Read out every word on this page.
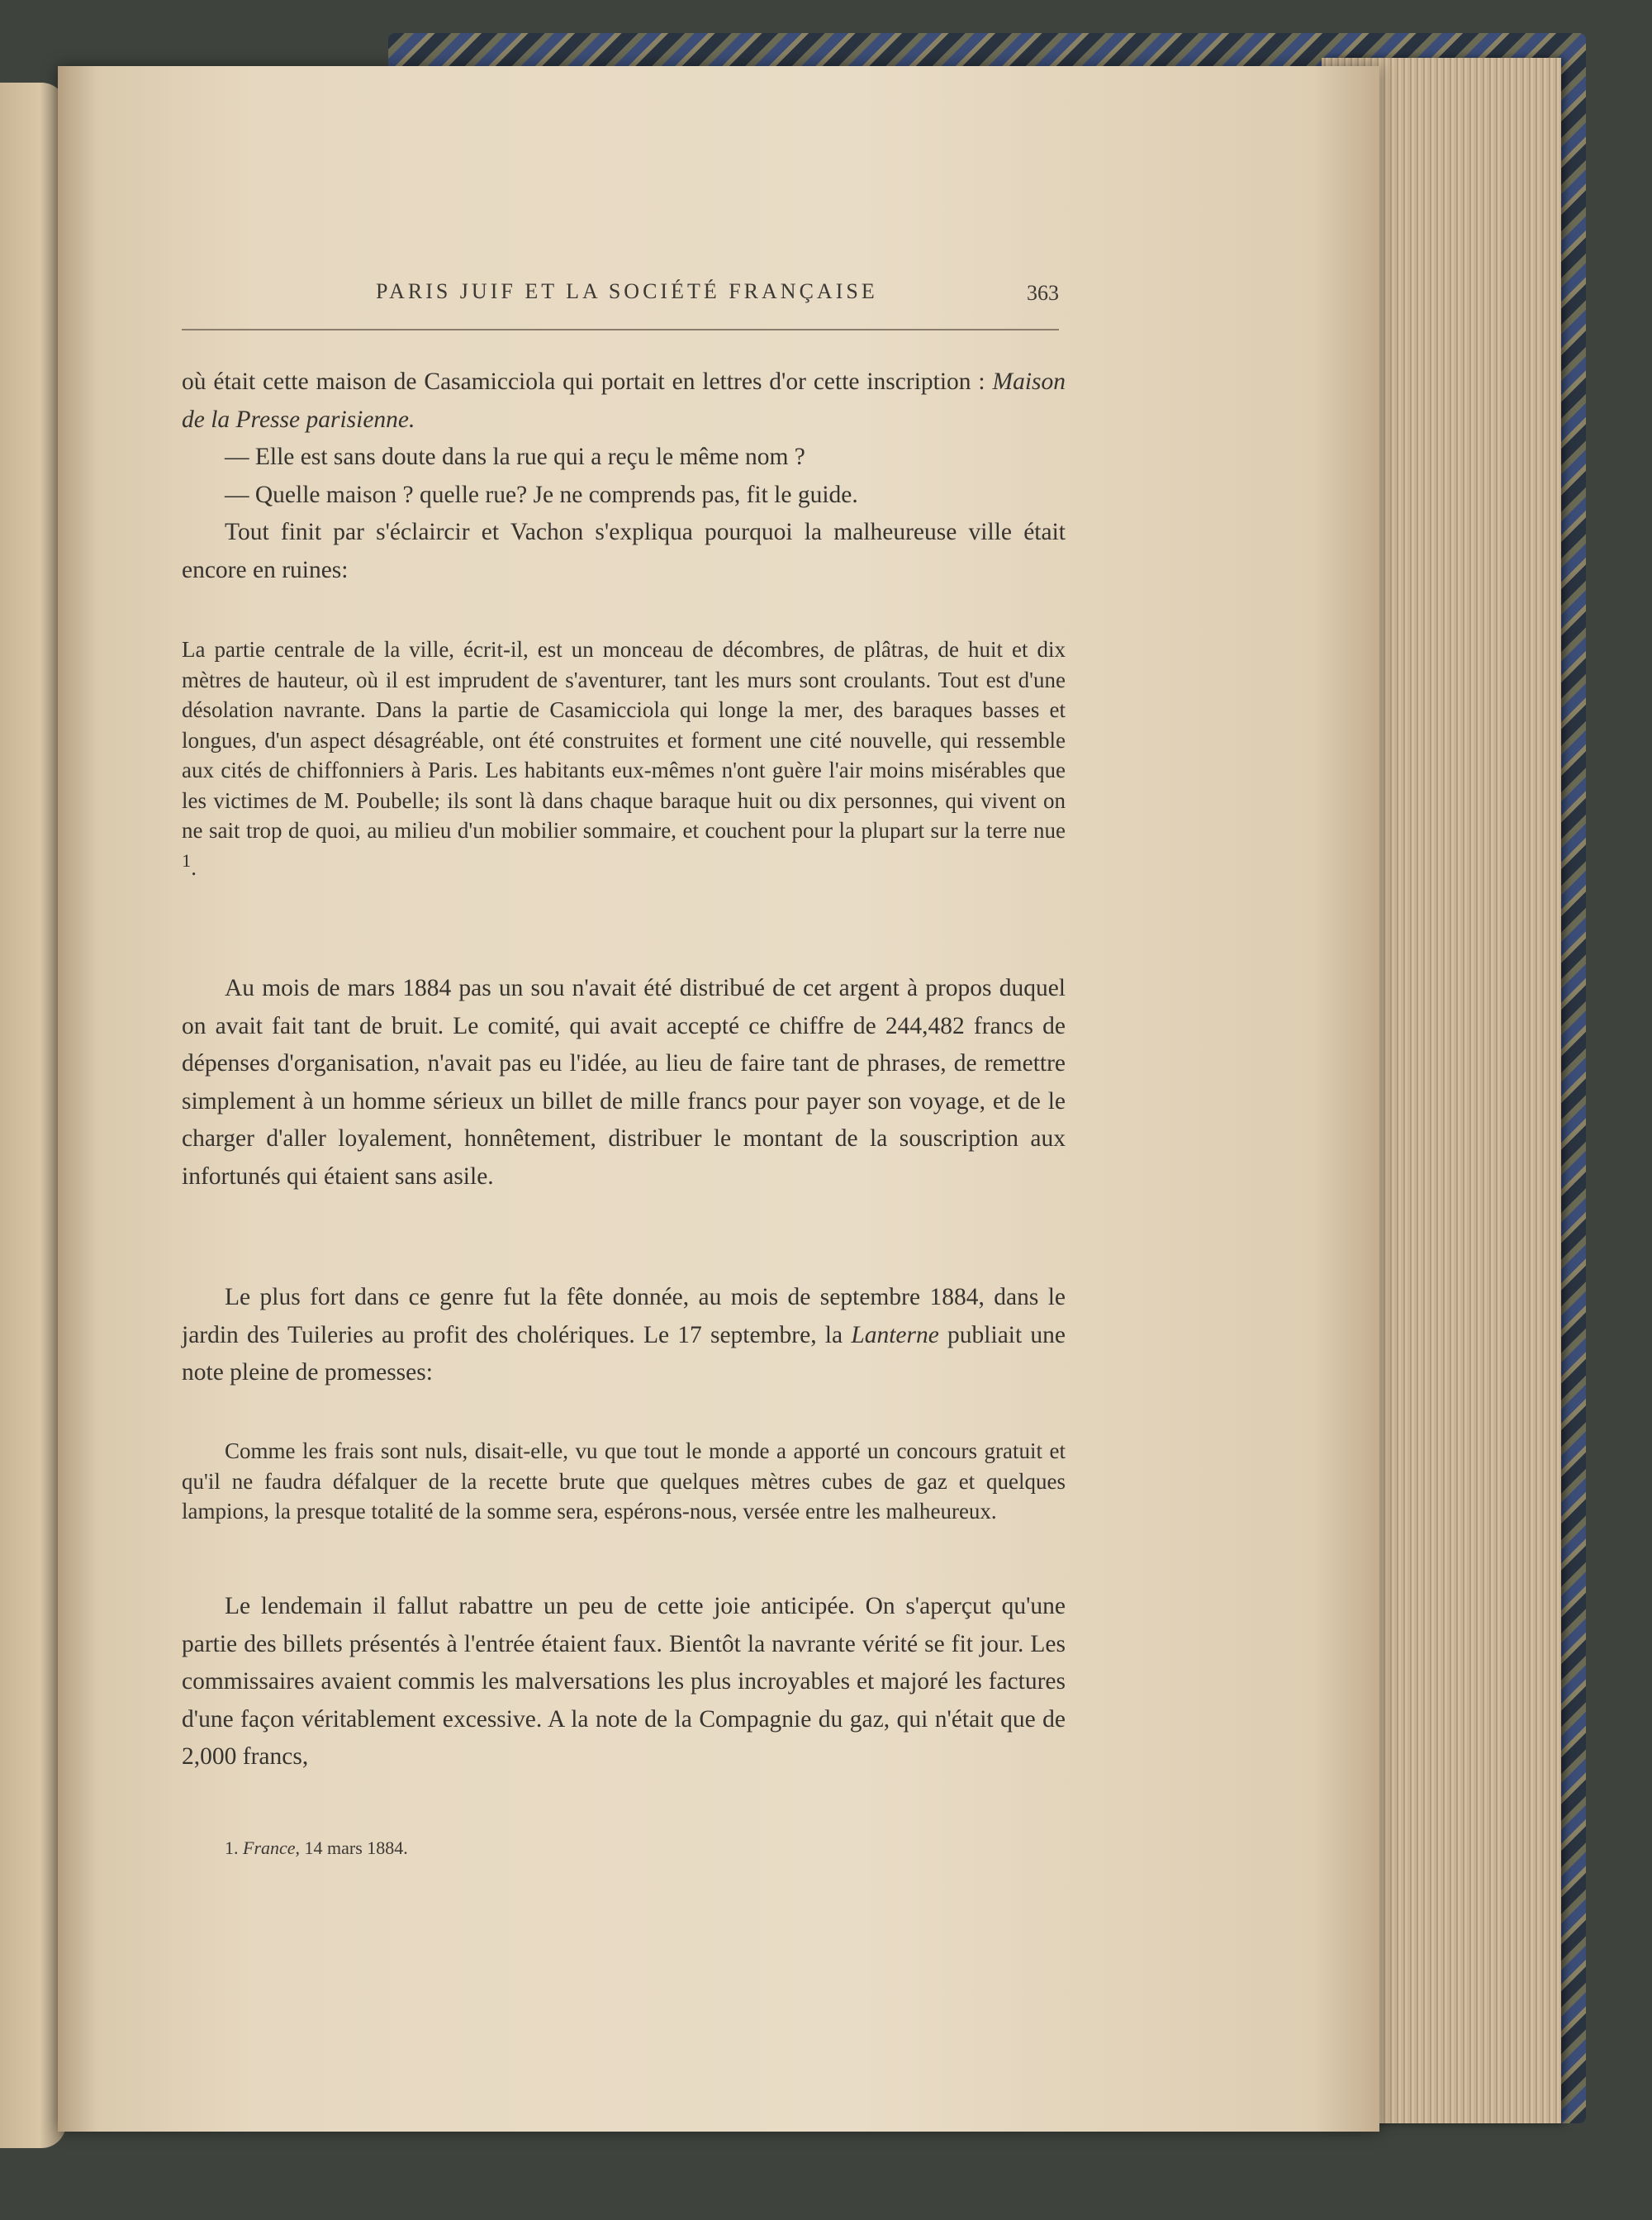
PARIS JUIF ET LA SOCIÉTÉ FRANÇAISE	363

où était cette maison de Casamicciola qui portait en lettres d'or cette inscription : Maison de la Presse parisienne.

— Elle est sans doute dans la rue qui a reçu le même nom ?

— Quelle maison ? quelle rue? Je ne comprends pas, fit le guide.

Tout finit par s'éclaircir et Vachon s'expliqua pourquoi la malheureuse ville était encore en ruines:

La partie centrale de la ville, écrit-il, est un monceau de décombres, de plâtras, de huit et dix mètres de hauteur, où il est imprudent de s'aventurer, tant les murs sont croulants. Tout est d'une désolation navrante. Dans la partie de Casamicciola qui longe la mer, des baraques basses et longues, d'un aspect désagréable, ont été construites et forment une cité nouvelle, qui ressemble aux cités de chiffonniers à Paris. Les habitants eux-mêmes n'ont guère l'air moins misérables que les victimes de M. Poubelle; ils sont là dans chaque baraque huit ou dix personnes, qui vivent on ne sait trop de quoi, au milieu d'un mobilier sommaire, et couchent pour la plupart sur la terre nue $^1$.

Au mois de mars 1884 pas un sou n'avait été distribué de cet argent à propos duquel on avait fait tant de bruit. Le comité, qui avait accepté ce chiffre de 244,482 francs de dépenses d'organisation, n'avait pas eu l'idée, au lieu de faire tant de phrases, de remettre simplement à un homme sérieux un billet de mille francs pour payer son voyage, et de le charger d'aller loyalement, honnêtement, distribuer le montant de la souscription aux infortunés qui étaient sans asile.

Le plus fort dans ce genre fut la fête donnée, au mois de septembre 1884, dans le jardin des Tuileries au profit des cholériques. Le 17 septembre, la Lanterne publiait une note pleine de promesses:

Comme les frais sont nuls, disait-elle, vu que tout le monde a apporté un concours gratuit et qu'il ne faudra défalquer de la recette brute que quelques mètres cubes de gaz et quelques lampions, la presque totalité de la somme sera, espérons-nous, versée entre les malheureux.

Le lendemain il fallut rabattre un peu de cette joie anticipée. On s'aperçut qu'une partie des billets présentés à l'entrée étaient faux. Bientôt la navrante vérité se fit jour. Les commissaires avaient commis les malversations les plus incroyables et majoré les factures d'une façon véritablement excessive. A la note de la Compagnie du gaz, qui n'était que de 2,000 francs,

1. France, 14 mars 1884.
